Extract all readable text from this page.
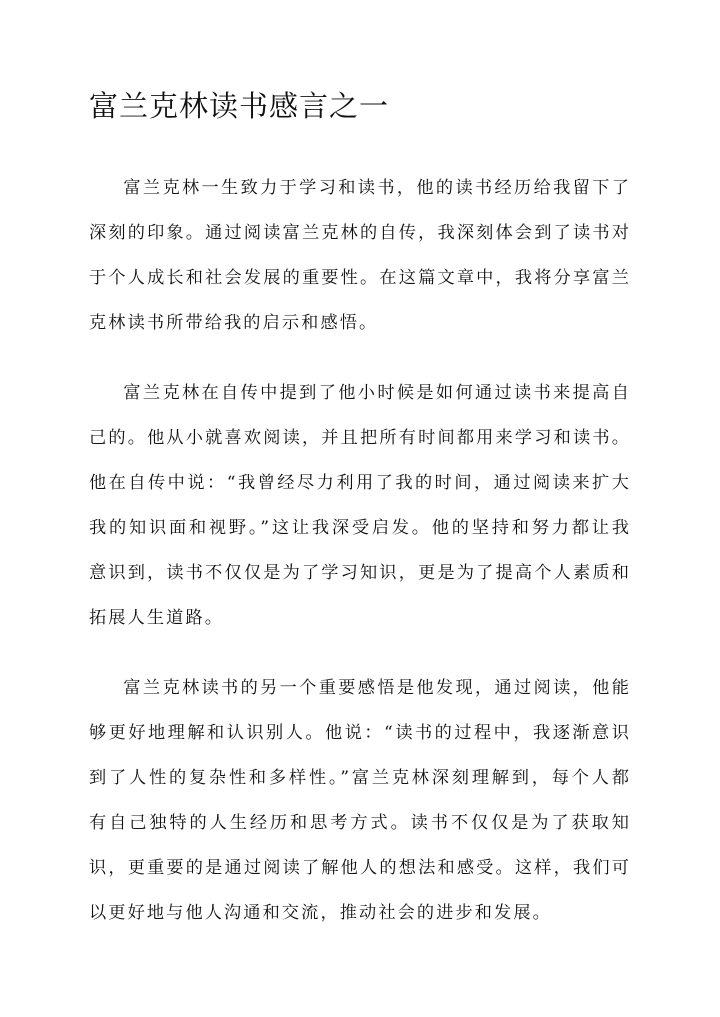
富兰克林读书感言之一

富兰克林一生致力于学习和读书，他的读书经历给我留下了深刻的印象。通过阅读富兰克林的自传，我深刻体会到了读书对于个人成长和社会发展的重要性。在这篇文章中，我将分享富兰克林读书所带给我的启示和感悟。

富兰克林在自传中提到了他小时候是如何通过读书来提高自己的。他从小就喜欢阅读，并且把所有时间都用来学习和读书。他在自传中说：“我曾经尽力利用了我的时间，通过阅读来扩大我的知识面和视野。”这让我深受启发。他的坚持和努力都让我意识到，读书不仅仅是为了学习知识，更是为了提高个人素质和拓展人生道路。

富兰克林读书的另一个重要感悟是他发现，通过阅读，他能够更好地理解和认识别人。他说：“读书的过程中，我逐渐意识到了人性的复杂性和多样性。”富兰克林深刻理解到，每个人都有自己独特的人生经历和思考方式。读书不仅仅是为了获取知识，更重要的是通过阅读了解他人的想法和感受。这样，我们可以更好地与他人沟通和交流，推动社会的进步和发展。
